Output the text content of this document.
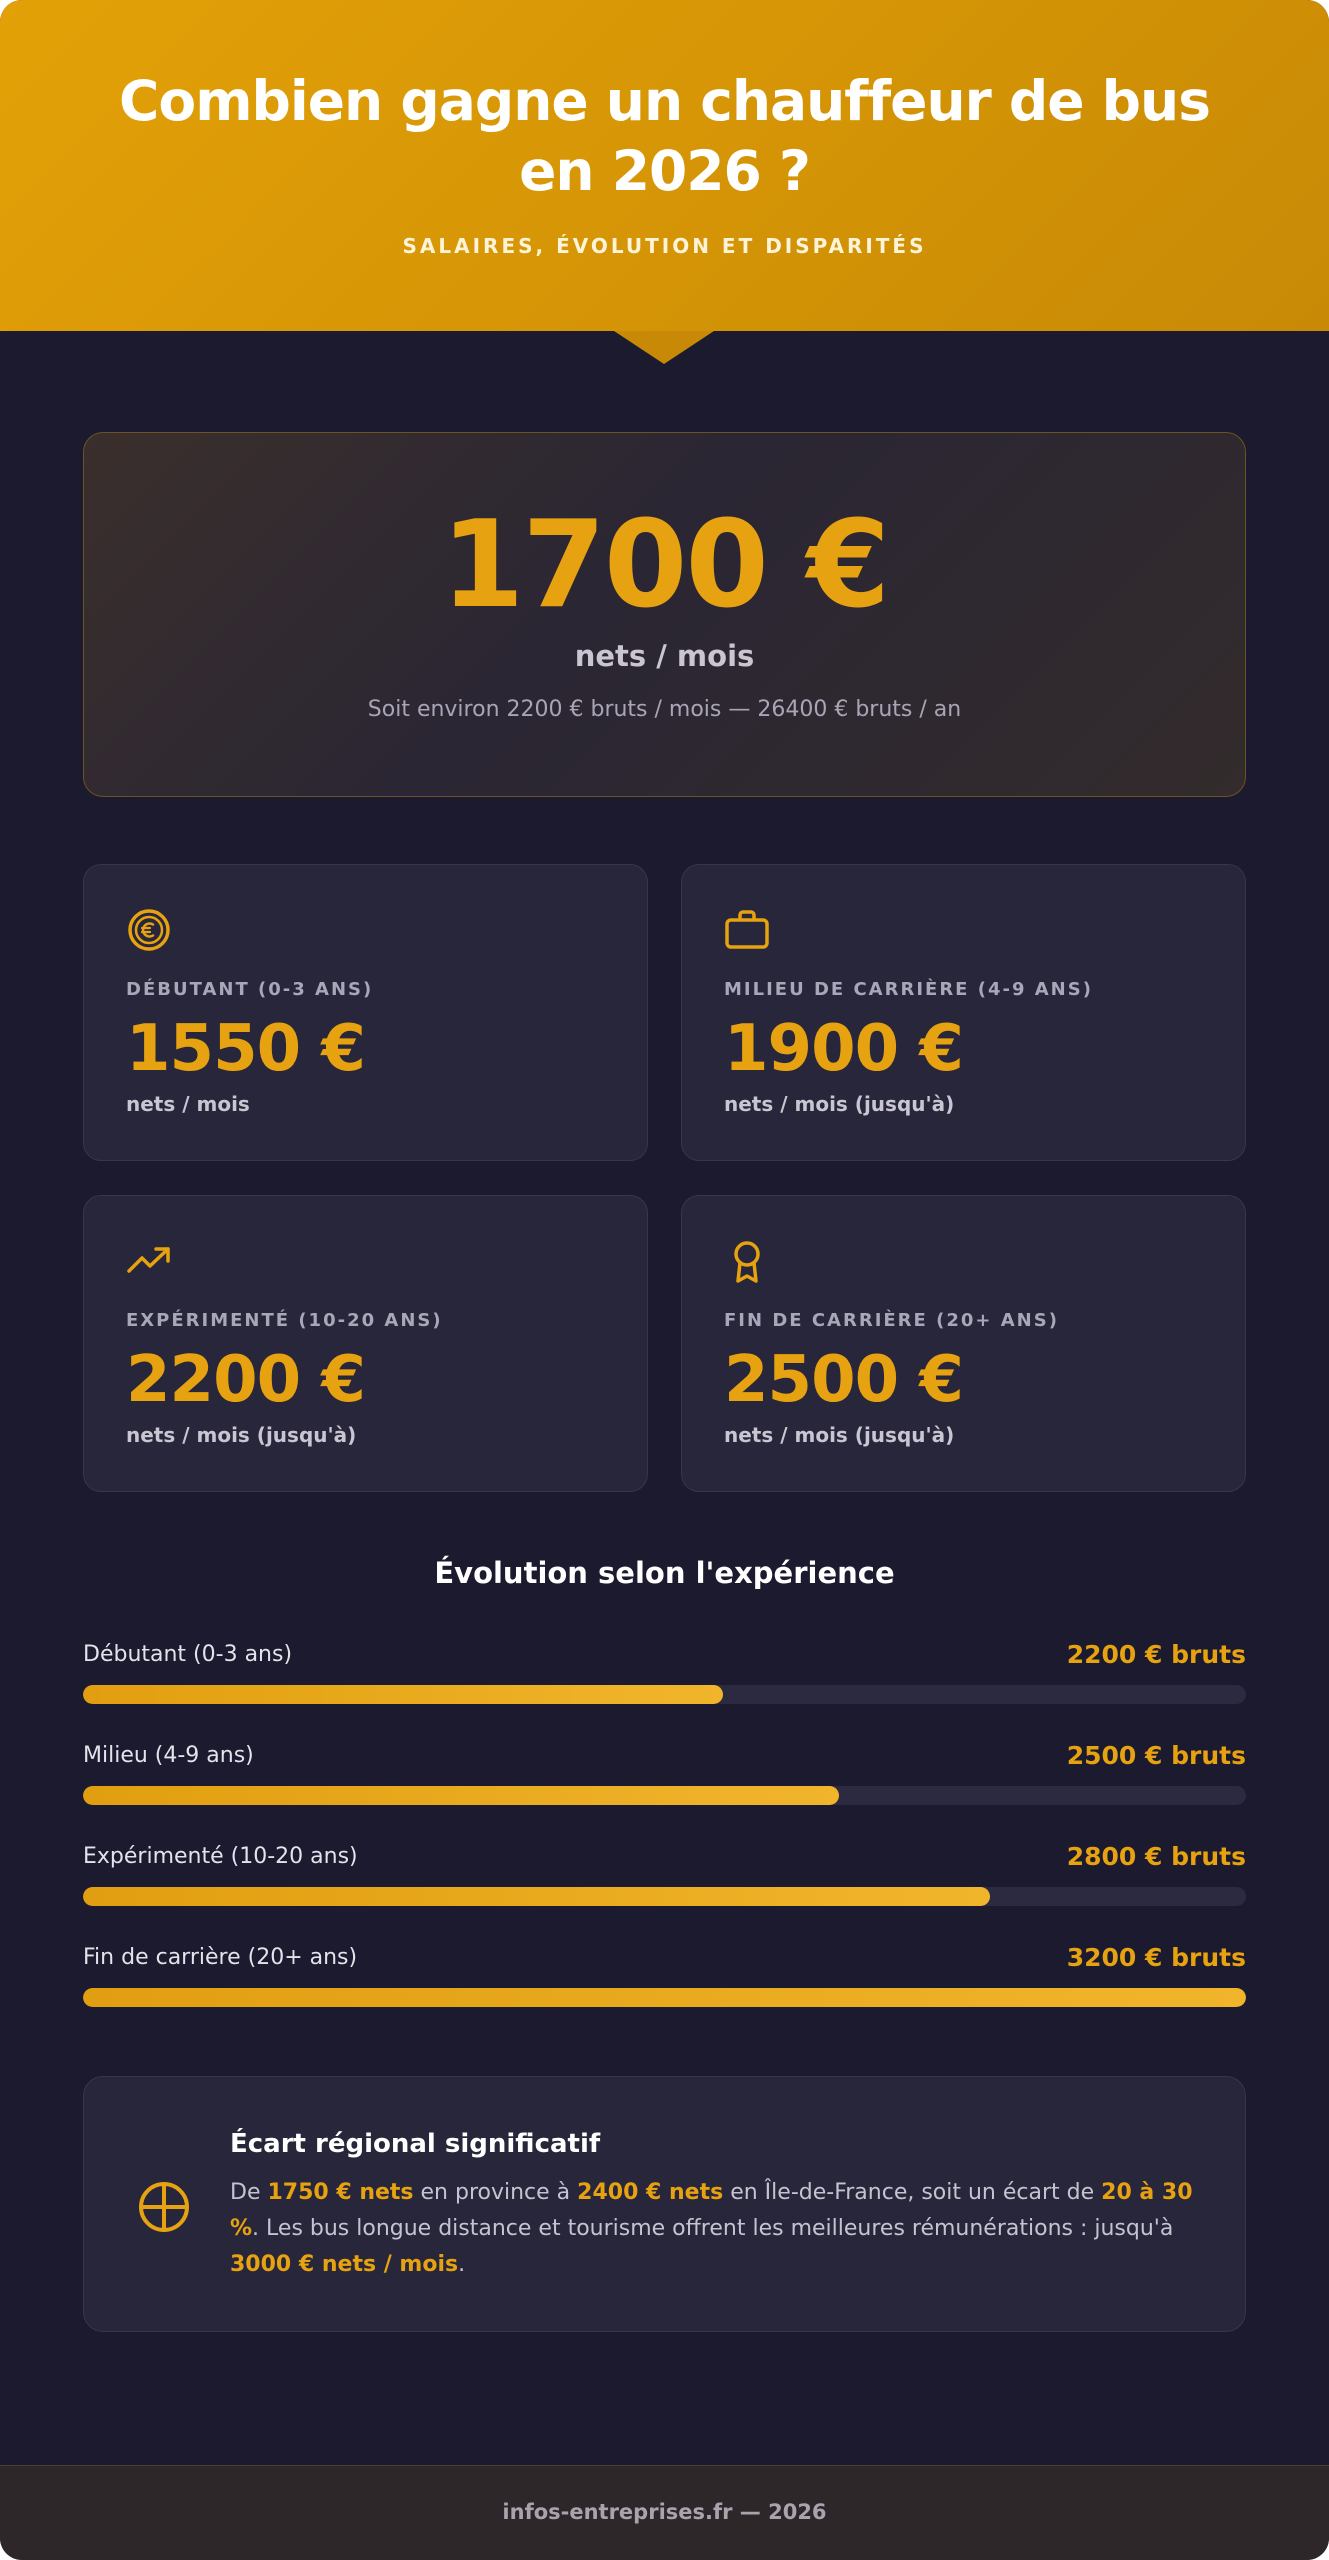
Combien gagne un chauffeur de bus en 2026 ?
SALAIRES, ÉVOLUTION ET DISPARITÉS
1700 €
nets / mois
Soit environ 2200 € bruts / mois — 26400 € bruts / an
DÉBUTANT (0-3 ANS)
1550 €
nets / mois
MILIEU DE CARRIÈRE (4-9 ANS)
1900 €
nets / mois (jusqu'à)
EXPÉRIMENTÉ (10-20 ANS)
2200 €
nets / mois (jusqu'à)
FIN DE CARRIÈRE (20+ ANS)
2500 €
nets / mois (jusqu'à)
Évolution selon l'expérience
Débutant (0-3 ans)	2200 € bruts
Milieu (4-9 ans)	2500 € bruts
Expérimenté (10-20 ans)	2800 € bruts
Fin de carrière (20+ ans)	3200 € bruts
Écart régional significatif
De 1750 € nets en province à 2400 € nets en Île-de-France, soit un écart de 20 à 30 %. Les bus longue distance et tourisme offrent les meilleures rémunérations : jusqu'à 3000 € nets / mois.
infos-entreprises.fr — 2026
